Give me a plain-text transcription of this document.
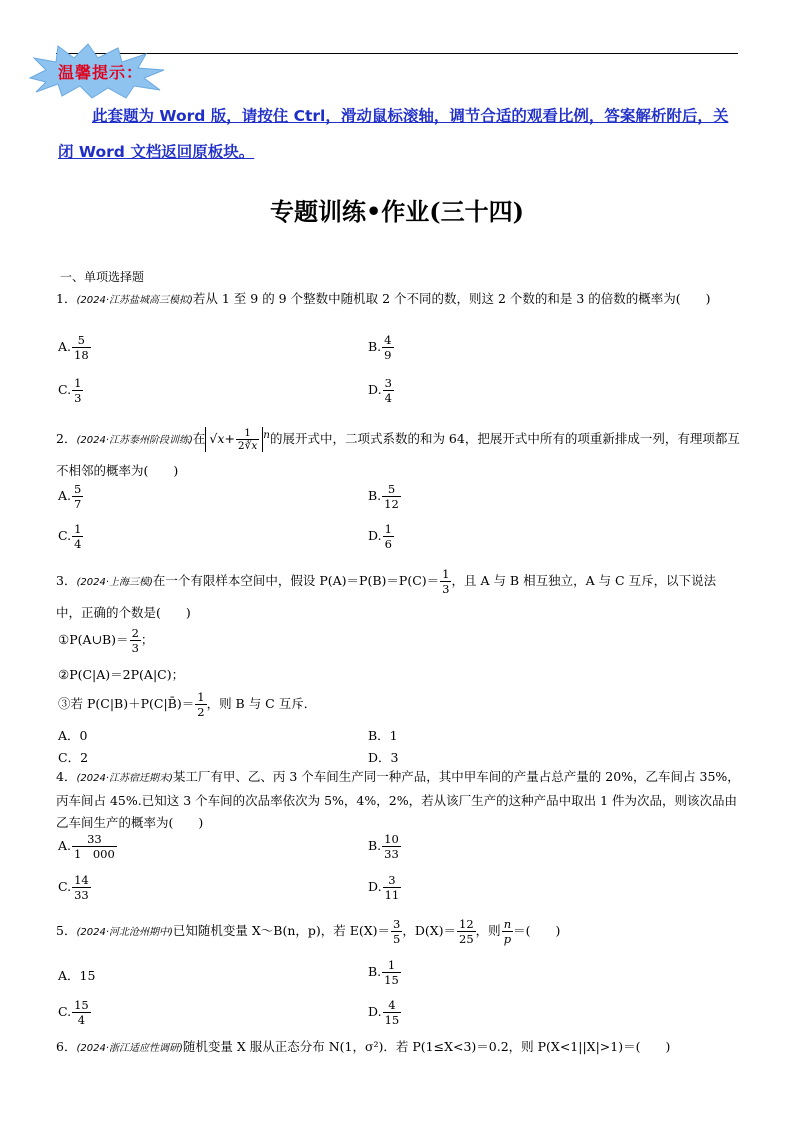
温馨提示：
此套题为 Word 版，请按住 Ctrl，滑动鼠标滚轴，调节合适的观看比例，答案解析附后，关闭 Word 文档返回原板块。
专题训练•作业(三十四)
一、单项选择题
1．(2024·江苏盐城高三模拟)若从 1 至 9 的 9 个整数中随机取 2 个不同的数，则这 2 个数的和是 3 的倍数的概率为(　　)
A. $\frac{5}{18}$	B. $\frac{4}{9}$
C. $\frac{1}{3}$	D. $\frac{3}{4}$
2．(2024·江苏泰州阶段训练)在 $√x+ \frac{1}{2∛x} ^n$的展开式中，二项式系数的和为 64，把展开式中所有的项重新排成一列，有理项都互不相邻的概率为(　　)
A. $\frac{5}{7}$	B. $\frac{5}{12}$
C. $\frac{1}{4}$	D. $\frac{1}{6}$
3．(2024·上海三模)在一个有限样本空间中，假设 $P(A)=P(B)=P(C)= \frac{1}{3}$ ，且 A 与 B 相互独立，A 与 C 互斥，以下说法中，正确的个数是(　　)
①P(A∪B)＝ $\frac{2}{3}$ ；
②P(C|A)＝2P(A|C)；
③若 P(C|B)＋P(C|B̄)＝ $\frac{1}{2}$ ，则 B 与 C 互斥．
A．0	B．1
C．2	D．3
4．(2024·江苏宿迁期末)某工厂有甲、乙、丙 3 个车间生产同一种产品，其中甲车间的产量占总产量的 20%，乙车间占 35%，丙车间占 45%.已知这 3 个车间的次品率依次为 5%，4%，2%，若从该厂生产的这种产品中取出 1 件为次品，则该次品由乙车间生产的概率为(　　)
A. $\frac{33}{1 000}$	B. $\frac{10}{33}$
C. $\frac{14}{33}$	D. $\frac{3}{11}$
5．(2024·河北沧州期中)已知随机变量 X～B(n，p)，若 $E(X)= \frac{3}{5}$ ，$D(X)= \frac{12}{25}$ ，则 $\frac{n}{p}$ ＝(　　)
A．15	B. $\frac{1}{15}$
C. $\frac{15}{4}$	D. $\frac{4}{15}$
6．(2024·浙江适应性调研)随机变量 X 服从正态分布 N(1，σ²)．若 P(1≤X<3)＝0.2，则 P(X<1||X|>1)＝(　　)
